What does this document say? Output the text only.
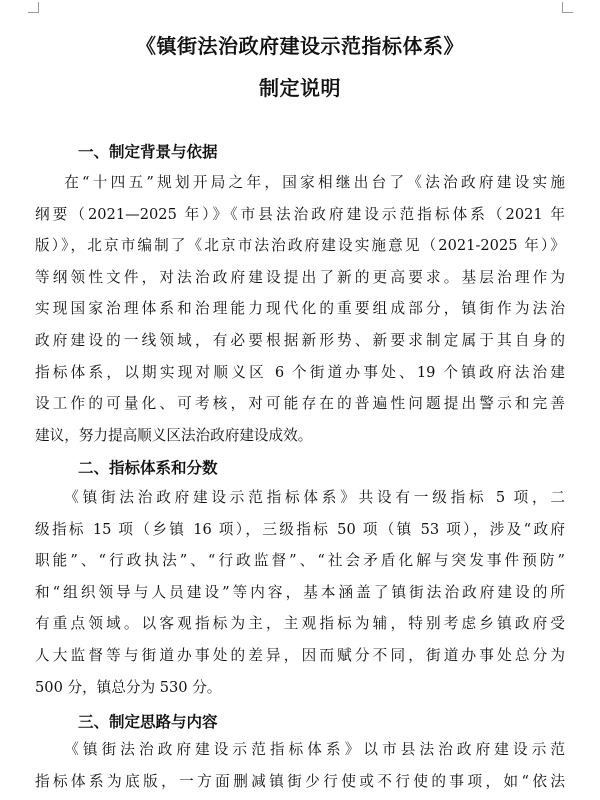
《镇街法治政府建设示范指标体系》
制定说明
一、制定背景与依据
在“十四五”规划开局之年，国家相继出台了《法治政府建设实施
纲要（2021—2025 年）》《市县法治政府建设示范指标体系（2021 年
版）》，北京市编制了《北京市法治政府建设实施意见（2021-2025 年）》
等纲领性文件，对法治政府建设提出了新的更高要求。基层治理作为
实现国家治理体系和治理能力现代化的重要组成部分，镇街作为法治
政府建设的一线领域，有必要根据新形势、新要求制定属于其自身的
指标体系，以期实现对顺义区 6 个街道办事处、19 个镇政府法治建
设工作的可量化、可考核，对可能存在的普遍性问题提出警示和完善
建议，努力提高顺义区法治政府建设成效。
二、指标体系和分数
《镇街法治政府建设示范指标体系》共设有一级指标 5 项，二
级指标 15 项（乡镇 16 项），三级指标 50 项（镇 53 项），涉及“政府
职能”、“行政执法”、“行政监督”、“社会矛盾化解与突发事件预防”
和“组织领导与人员建设”等内容，基本涵盖了镇街法治政府建设的所
有重点领域。以客观指标为主，主观指标为辅，特别考虑乡镇政府受
人大监督等与街道办事处的差异，因而赋分不同，街道办事处总分为
500 分，镇总分为 530 分。
三、制定思路与内容
《镇街法治政府建设示范指标体系》以市县法治政府建设示范
指标体系为底版，一方面删减镇街少行使或不行使的事项，如“依法
